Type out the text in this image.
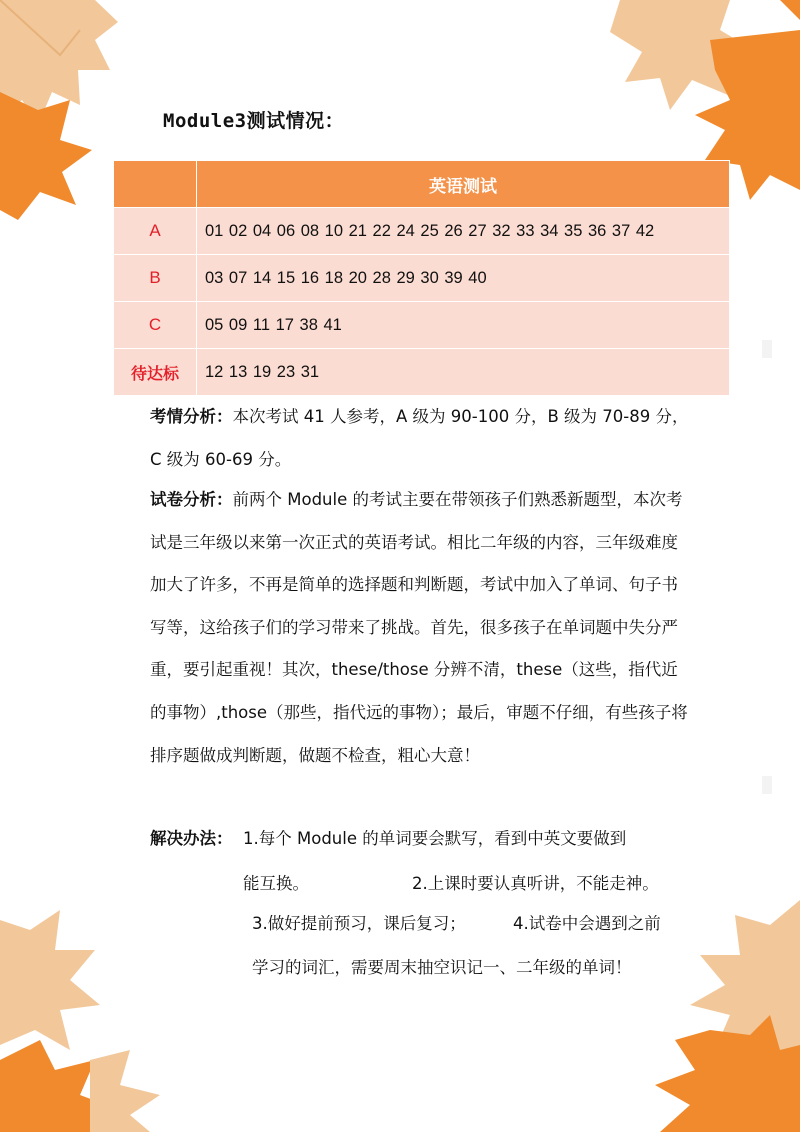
Module3测试情况：
	英语测试
A	01 02 04 06 08 10 21 22 24 25 26 27 32 33 34 35 36 37 42
B	03 07 14 15 16 18 20 28 29 30 39 40
C	05 09 11 17 38 41
待达标	12 13 19 23 31
考情分析：本次考试 41 人参考，A 级为 90-100 分，B 级为 70-89 分，C 级为 60-69 分。
试卷分析：前两个 Module 的考试主要在带领孩子们熟悉新题型，本次考试是三年级以来第一次正式的英语考试。相比二年级的内容，三年级难度加大了许多，不再是简单的选择题和判断题，考试中加入了单词、句子书写等，这给孩子们的学习带来了挑战。首先，很多孩子在单词题中失分严重，要引起重视！其次，these/those 分辨不清，these（这些，指代近的事物）,those（那些，指代远的事物）；最后，审题不仔细，有些孩子将排序题做成判断题，做题不检查，粗心大意！
解决办法： 1.每个 Module 的单词要会默写，看到中英文要做到
能互换。	2.上课时要认真听讲，不能走神。
3.做好提前预习，课后复习；	4.试卷中会遇到之前
学习的词汇，需要周末抽空识记一、二年级的单词！
